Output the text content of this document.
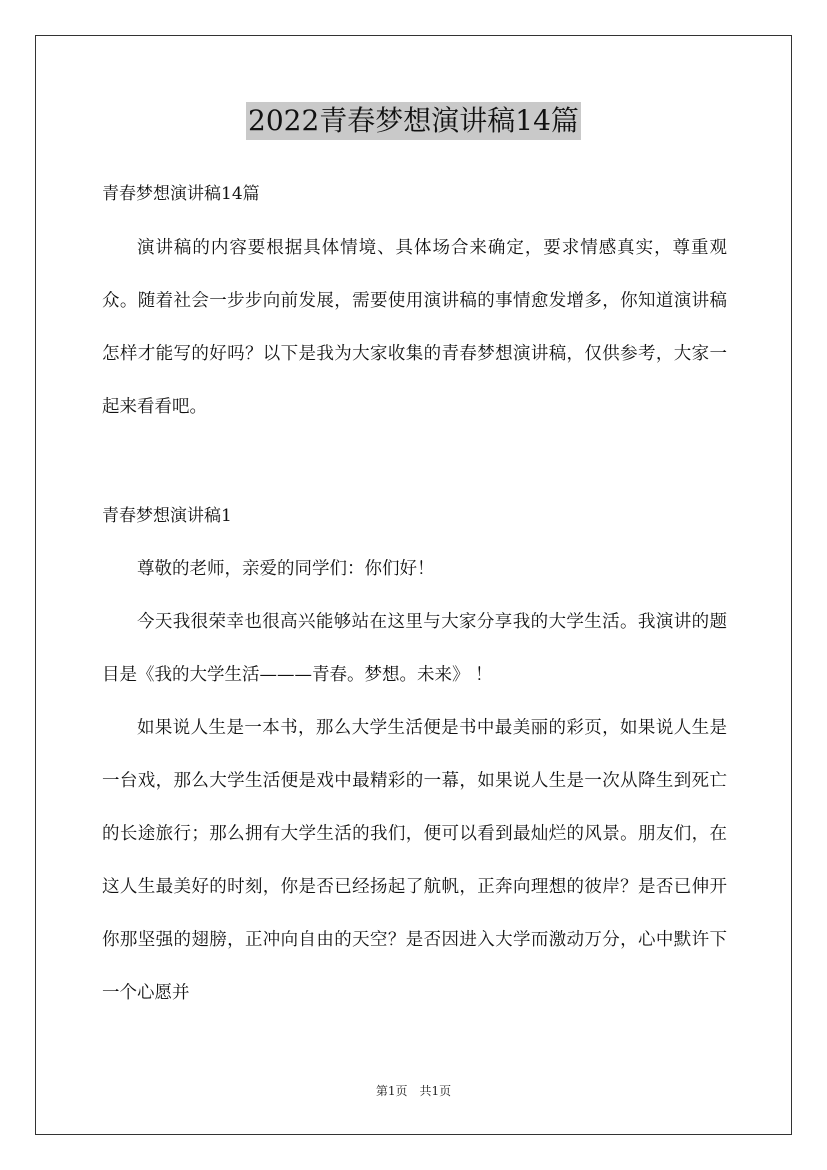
2022青春梦想演讲稿14篇

青春梦想演讲稿14篇

演讲稿的内容要根据具体情境、具体场合来确定，要求情感真实，尊重观众。随着社会一步步向前发展，需要使用演讲稿的事情愈发增多，你知道演讲稿怎样才能写的好吗？以下是我为大家收集的青春梦想演讲稿，仅供参考，大家一起来看看吧。

青春梦想演讲稿1

尊敬的老师，亲爱的同学们：你们好！

今天我很荣幸也很高兴能够站在这里与大家分享我的大学生活。我演讲的题目是《我的大学生活———青春。梦想。未来》 ！

如果说人生是一本书，那么大学生活便是书中最美丽的彩页，如果说人生是一台戏，那么大学生活便是戏中最精彩的一幕，如果说人生是一次从降生到死亡的长途旅行；那么拥有大学生活的我们，便可以看到最灿烂的风景。朋友们，在这人生最美好的时刻，你是否已经扬起了航帆，正奔向理想的彼岸？是否已伸开你那坚强的翅膀，正冲向自由的天空？是否因进入大学而激动万分，心中默许下一个心愿并

第1页　共1页
